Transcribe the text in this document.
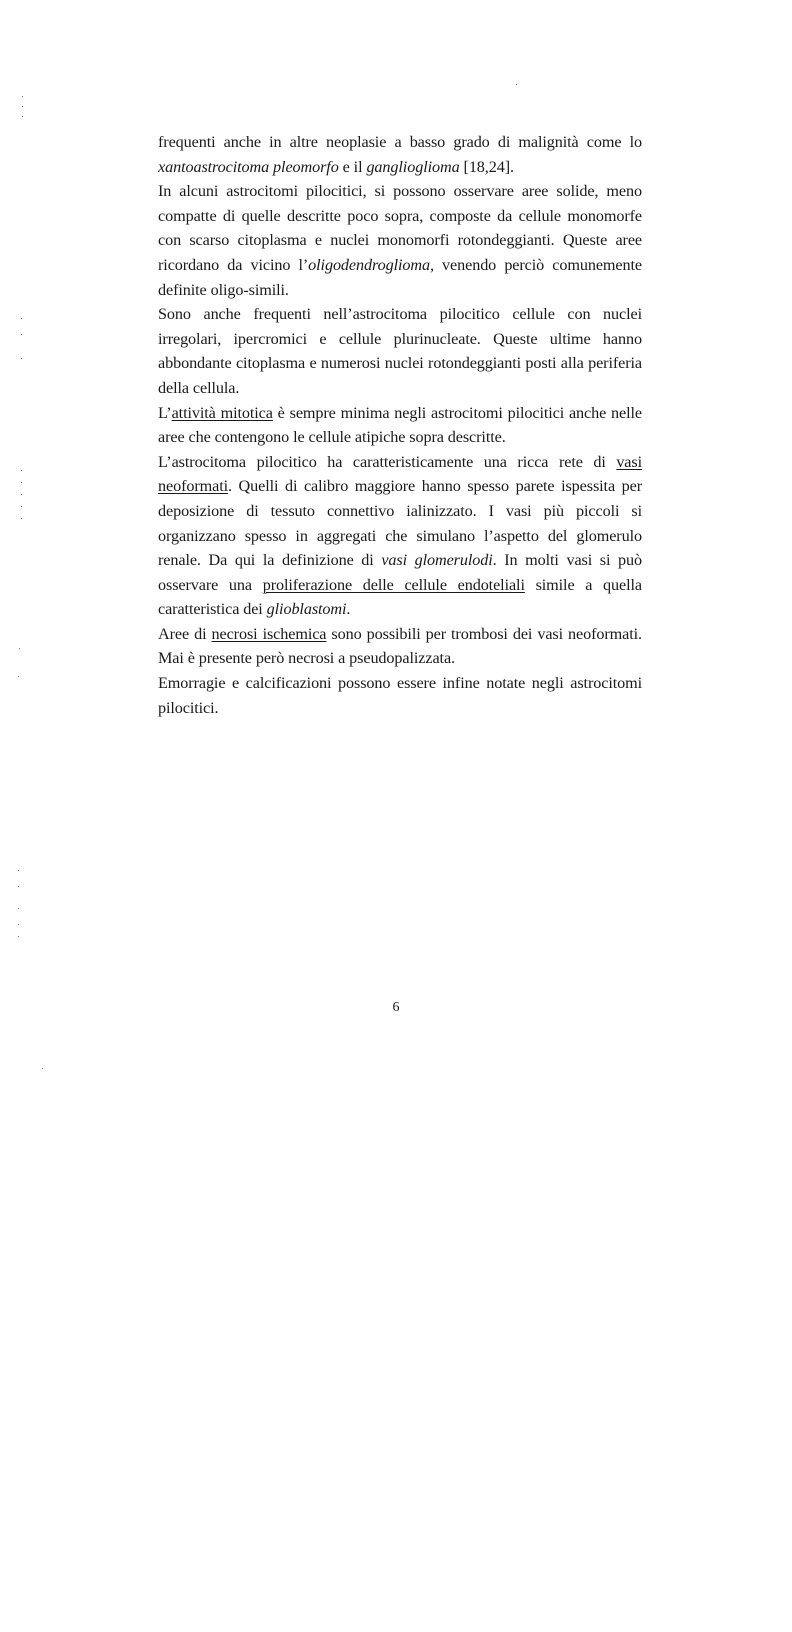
frequenti anche in altre neoplasie a basso grado di malignità come lo xantoastrocitoma pleomorfo e il ganglioglioma [18,24].

In alcuni astrocitomi pilocitici, si possono osservare aree solide, meno compatte di quelle descritte poco sopra, composte da cellule monomorfe con scarso citoplasma e nuclei monomorfi rotondeggianti. Queste aree ricordano da vicino l’oligodendroglioma, venendo perciò comunemente definite oligo-simili.

Sono anche frequenti nell’astrocitoma pilocitico cellule con nuclei irregolari, ipercromici e cellule plurinucleate. Queste ultime hanno abbondante citoplasma e numerosi nuclei rotondeggianti posti alla periferia della cellula.

L’attività mitotica è sempre minima negli astrocitomi pilocitici anche nelle aree che contengono le cellule atipiche sopra descritte.

L’astrocitoma pilocitico ha caratteristicamente una ricca rete di vasi neoformati. Quelli di calibro maggiore hanno spesso parete ispessita per deposizione di tessuto connettivo ialinizzato. I vasi più piccoli si organizzano spesso in aggregati che simulano l’aspetto del glomerulo renale. Da qui la definizione di vasi glomerulodi. In molti vasi si può osservare una proliferazione delle cellule endoteliali simile a quella caratteristica dei glioblastomi.

Aree di necrosi ischemica sono possibili per trombosi dei vasi neoformati. Mai è presente però necrosi a pseudopalizzata.

Emorragie e calcificazioni possono essere infine notate negli astrocitomi pilocitici.

6
